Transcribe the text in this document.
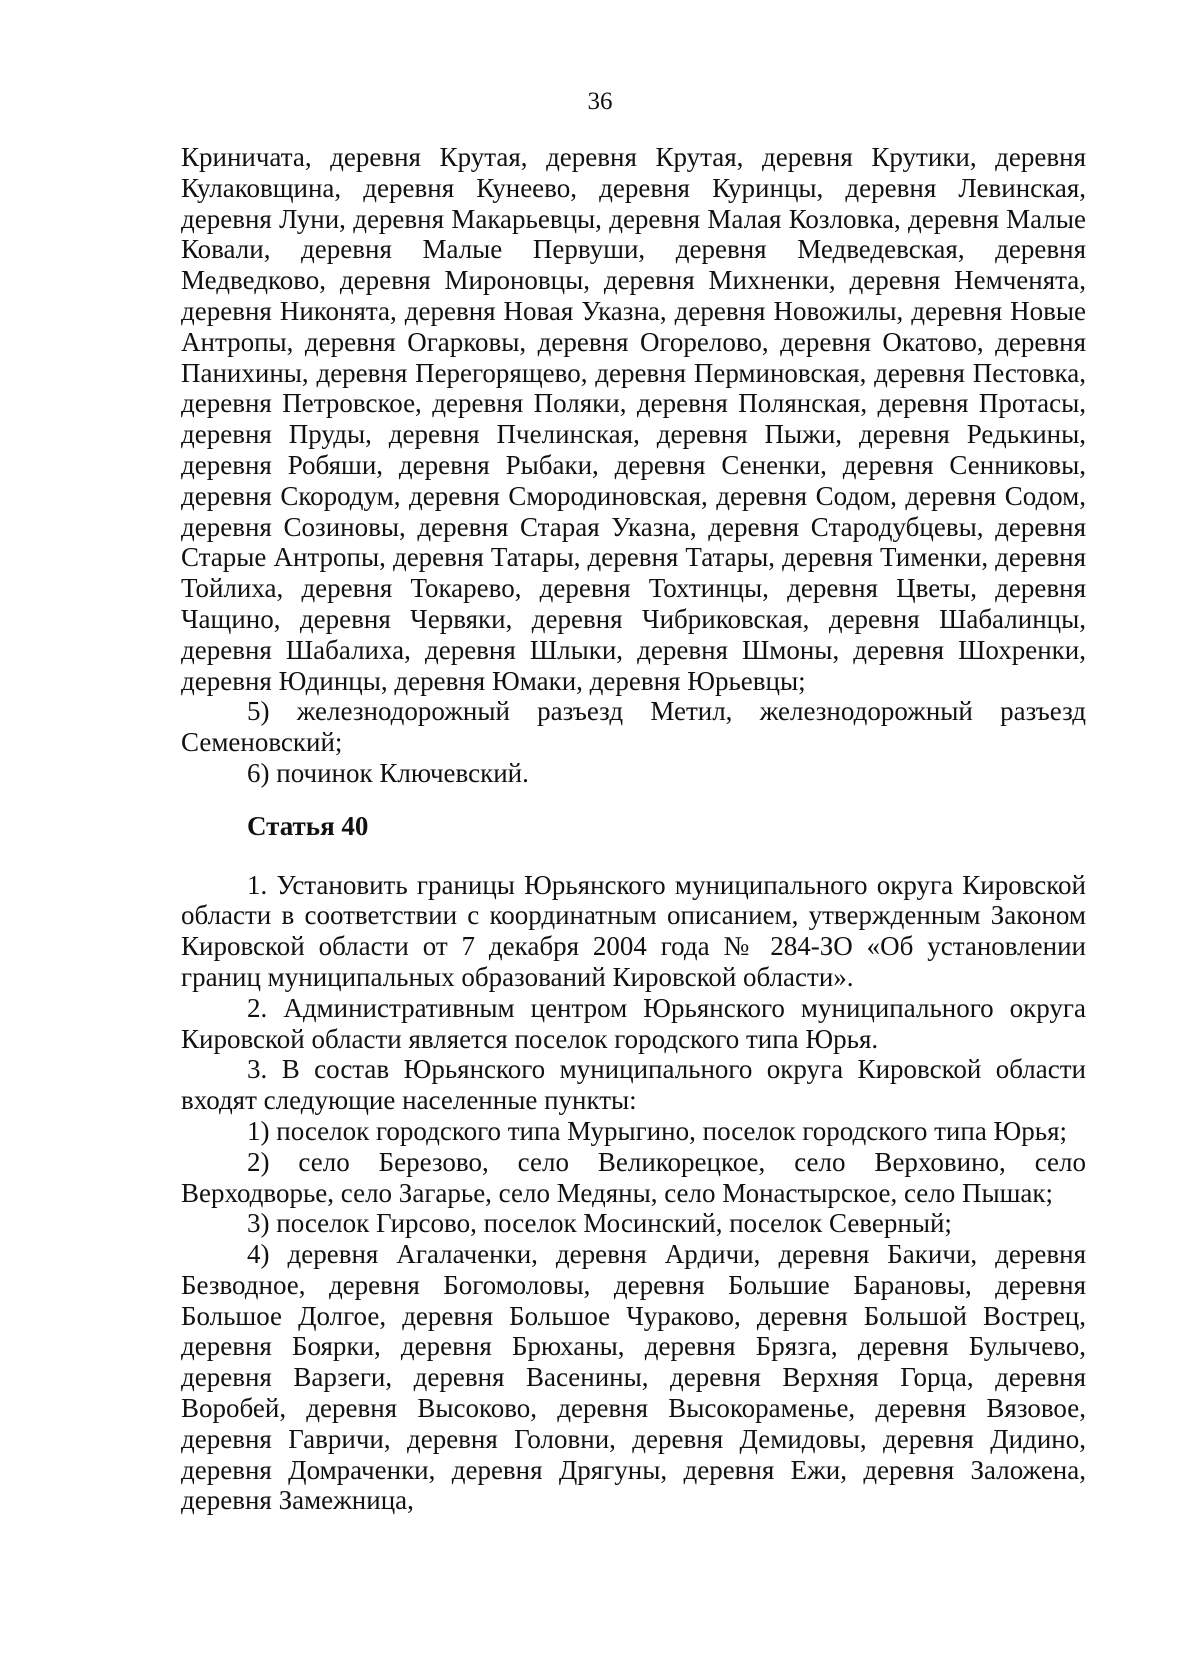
36

Криничата, деревня Крутая, деревня Крутая, деревня Крутики, деревня Кулаковщина, деревня Кунеево, деревня Куринцы, деревня Левинская, деревня Луни, деревня Макарьевцы, деревня Малая Козловка, деревня Малые Ковали, деревня Малые Первуши, деревня Медведевская, деревня Медведково, деревня Мироновцы, деревня Михненки, деревня Немченята, деревня Никонята, деревня Новая Указна, деревня Новожилы, деревня Новые Антропы, деревня Огарковы, деревня Огорелово, деревня Окатово, деревня Панихины, деревня Перегорящево, деревня Перминовская, деревня Пестовка, деревня Петровское, деревня Поляки, деревня Полянская, деревня Протасы, деревня Пруды, деревня Пчелинская, деревня Пыжи, деревня Редькины, деревня Робяши, деревня Рыбаки, деревня Сененки, деревня Сенниковы, деревня Скородум, деревня Смородиновская, деревня Содом, деревня Содом, деревня Созиновы, деревня Старая Указна, деревня Стародубцевы, деревня Старые Антропы, деревня Татары, деревня Татары, деревня Тименки, деревня Тойлиха, деревня Токарево, деревня Тохтинцы, деревня Цветы, деревня Чащино, деревня Червяки, деревня Чибриковская, деревня Шабалинцы, деревня Шабалиха, деревня Шлыки, деревня Шмоны, деревня Шохренки, деревня Юдинцы, деревня Юмаки, деревня Юрьевцы;

5) железнодорожный разъезд Метил, железнодорожный разъезд Семеновский;

6) починок Ключевский.

Статья 40

1. Установить границы Юрьянского муниципального округа Кировской области в соответствии с координатным описанием, утвержденным Законом Кировской области от 7 декабря 2004 года № 284-ЗО «Об установлении границ муниципальных образований Кировской области».

2. Административным центром Юрьянского муниципального округа Кировской области является поселок городского типа Юрья.

3. В состав Юрьянского муниципального округа Кировской области входят следующие населенные пункты:

1) поселок городского типа Мурыгино, поселок городского типа Юрья;

2) село Березово, село Великорецкое, село Верховино, село Верходворье, село Загарье, село Медяны, село Монастырское, село Пышак;

3) поселок Гирсово, поселок Мосинский, поселок Северный;

4) деревня Агалаченки, деревня Ардичи, деревня Бакичи, деревня Безводное, деревня Богомоловы, деревня Большие Барановы, деревня Большое Долгое, деревня Большое Чураково, деревня Большой Вострец, деревня Боярки, деревня Брюханы, деревня Брязга, деревня Булычево, деревня Варзеги, деревня Васенины, деревня Верхняя Горца, деревня Воробей, деревня Высоково, деревня Высокораменье, деревня Вязовое, деревня Гавричи, деревня Головни, деревня Демидовы, деревня Дидино, деревня Домраченки, деревня Дрягуны, деревня Ежи, деревня Заложена, деревня Замежница,
